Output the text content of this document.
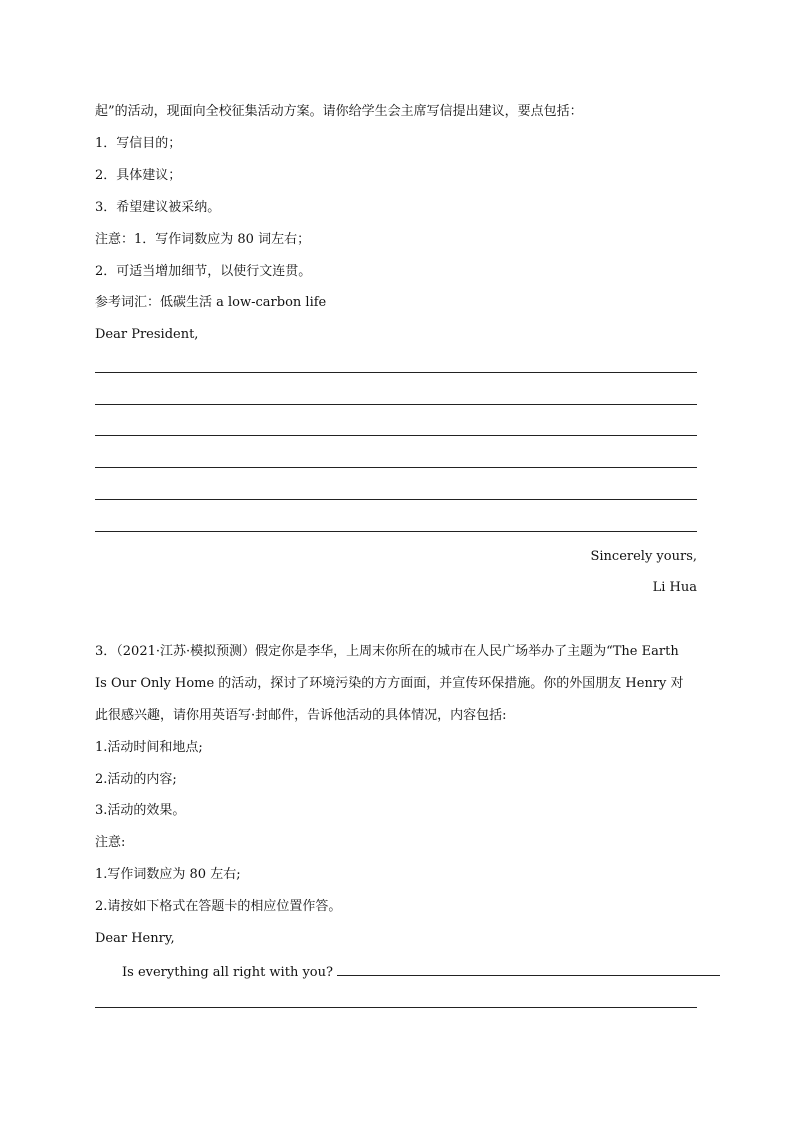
起”的活动，现面向全校征集活动方案。请你给学生会主席写信提出建议，要点包括：
1．写信目的；
2．具体建议；
3．希望建议被采纳。
注意：1．写作词数应为 80 词左右；
2．可适当增加细节，以使行文连贯。
参考词汇：低碳生活 a low-carbon life
Dear President,
Sincerely yours,
Li Hua
3．（2021·江苏·模拟预测）假定你是李华，上周末你所在的城市在人民广场举办了主题为“The Earth
Is Our Only Home 的活动，探讨了环境污染的方方面面，并宣传环保措施。你的外国朋友 Henry 对
此很感兴趣，请你用英语写·封邮件，告诉他活动的具体情况，内容包括:
1.活动时间和地点;
2.活动的内容;
3.活动的效果。
注意:
1.写作词数应为 80 左右;
2.请按如下格式在答题卡的相应位置作答。
Dear Henry,
Is everything all right with you?
